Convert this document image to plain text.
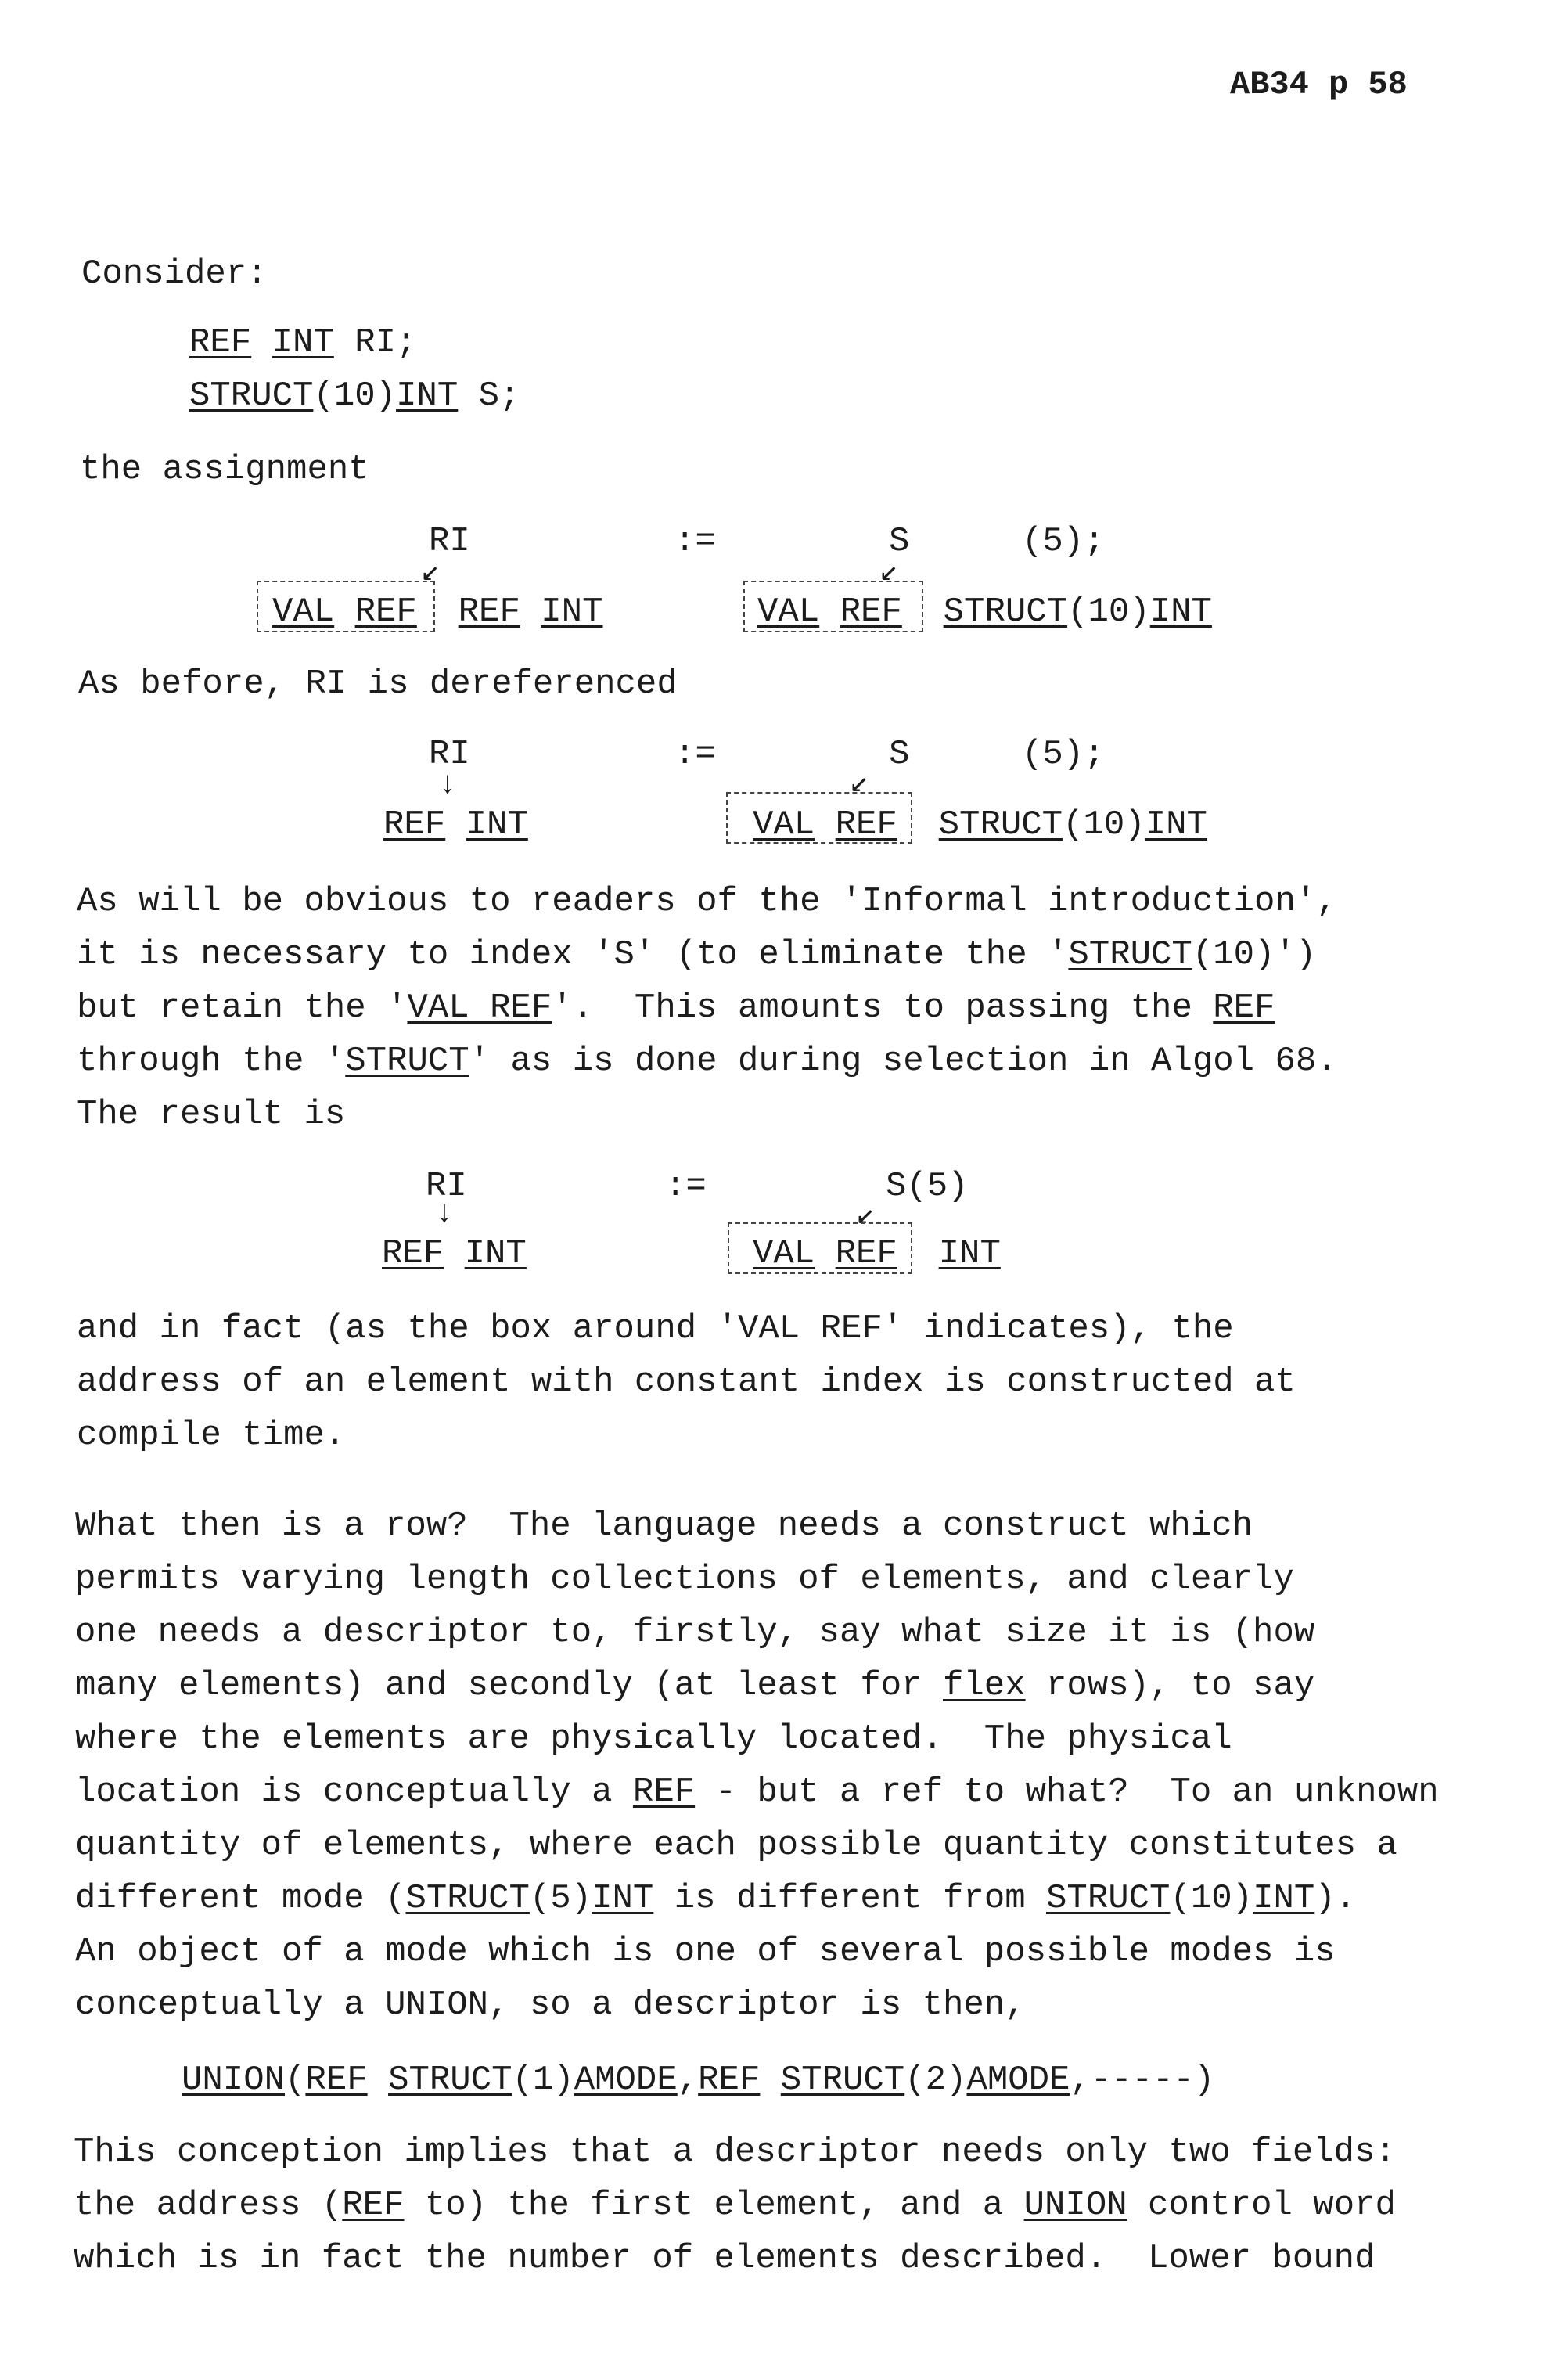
AB34 p 58
Consider:
REF INT RI;
STRUCT(10)INT S;
the assignment
RI	:=	S	(5);
↙	↙
VAL REF REF INT	VAL REF STRUCT(10)INT
As before, RI is dereferenced
RI	:=	S	(5);
↓	↙
REF INT	VAL REF STRUCT(10)INT
As will be obvious to readers of the 'Informal introduction',
it is necessary to index 'S' (to eliminate the 'STRUCT(10)')
but retain the 'VAL REF'.  This amounts to passing the REF
through the 'STRUCT' as is done during selection in Algol 68.
The result is
RI	:=	S(5)
↓	↙
REF INT	VAL REF INT
and in fact (as the box around 'VAL REF' indicates), the
address of an element with constant index is constructed at
compile time.
What then is a row?  The language needs a construct which
permits varying length collections of elements, and clearly
one needs a descriptor to, firstly, say what size it is (how
many elements) and secondly (at least for flex rows), to say
where the elements are physically located.  The physical
location is conceptually a REF - but a ref to what?  To an unknown
quantity of elements, where each possible quantity constitutes a
different mode (STRUCT(5)INT is different from STRUCT(10)INT).
An object of a mode which is one of several possible modes is
conceptually a UNION, so a descriptor is then,
UNION(REF STRUCT(1)AMODE,REF STRUCT(2)AMODE,-----)
This conception implies that a descriptor needs only two fields:
the address (REF to) the first element, and a UNION control word
which is in fact the number of elements described.  Lower bound
